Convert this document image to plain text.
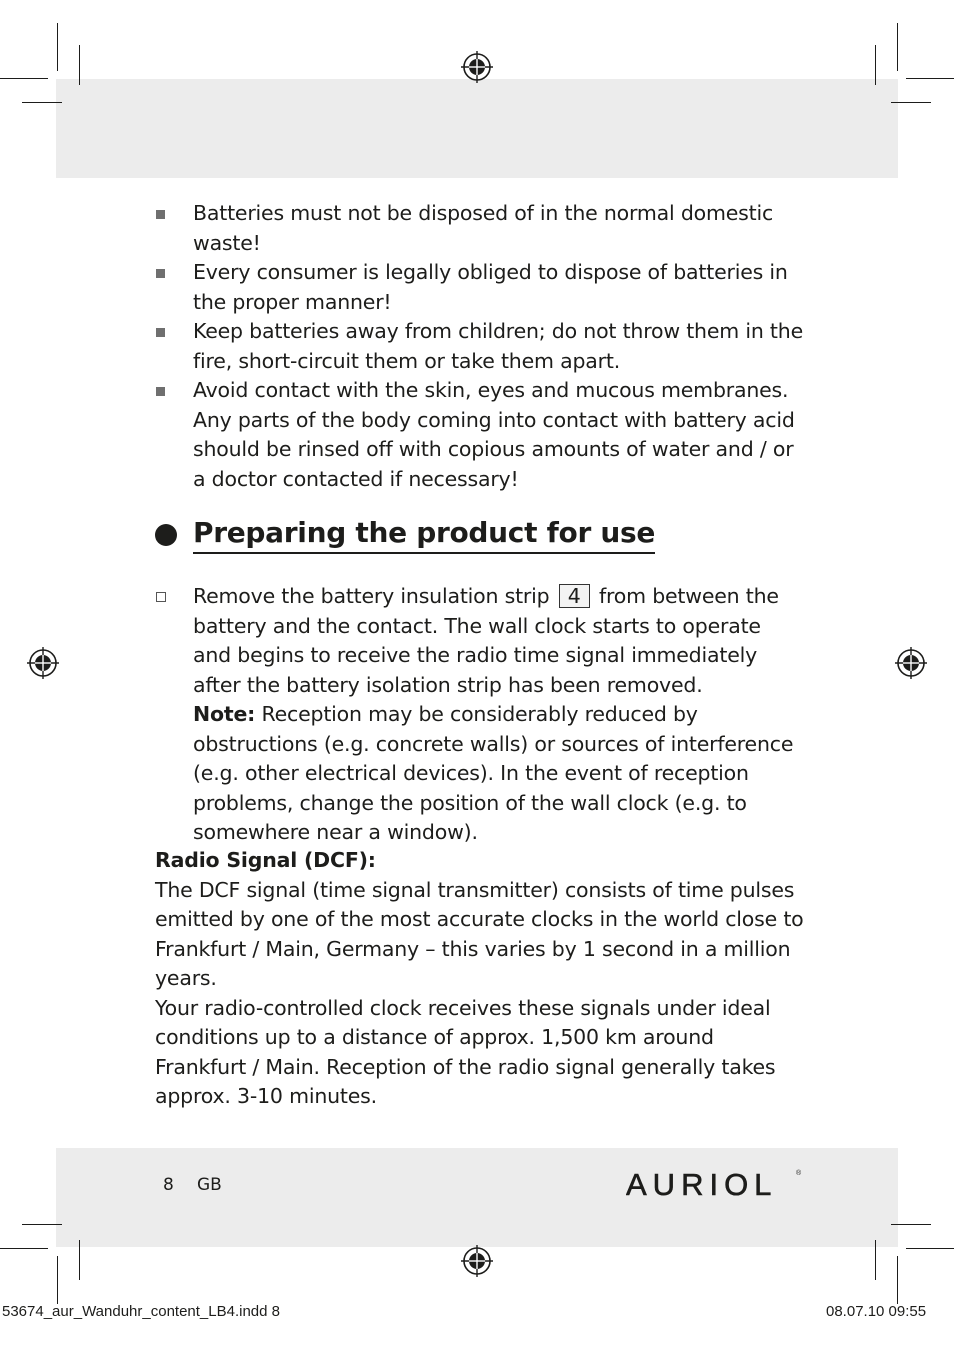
Batteries must not be disposed of in the normal domestic waste!
Every consumer is legally obliged to dispose of batteries in the proper manner!
Keep batteries away from children; do not throw them in the fire, short-circuit them or take them apart.
Avoid contact with the skin, eyes and mucous membranes. Any parts of the body coming into contact with battery acid should be rinsed off with copious amounts of water and / or a doctor contacted if necessary!
Preparing the product for use
Remove the battery insulation strip 4 from between the battery and the contact. The wall clock starts to operate and begins to receive the radio time signal immediately after the battery isolation strip has been removed.
Note: Reception may be considerably reduced by obstructions (e.g. concrete walls) or sources of interference (e.g. other electrical devices). In the event of reception problems, change the position of the wall clock (e.g. to somewhere near a window).
Radio Signal (DCF):
The DCF signal (time signal transmitter) consists of time pulses emitted by one of the most accurate clocks in the world close to Frankfurt / Main, Germany – this varies by 1 second in a million years.
Your radio-controlled clock receives these signals under ideal conditions up to a distance of approx. 1,500 km around Frankfurt / Main. Reception of the radio signal generally takes approx. 3-10 minutes.
8 GB	AURIOL	®
53674_aur_Wanduhr_content_LB4.indd 8	08.07.10 09:55
